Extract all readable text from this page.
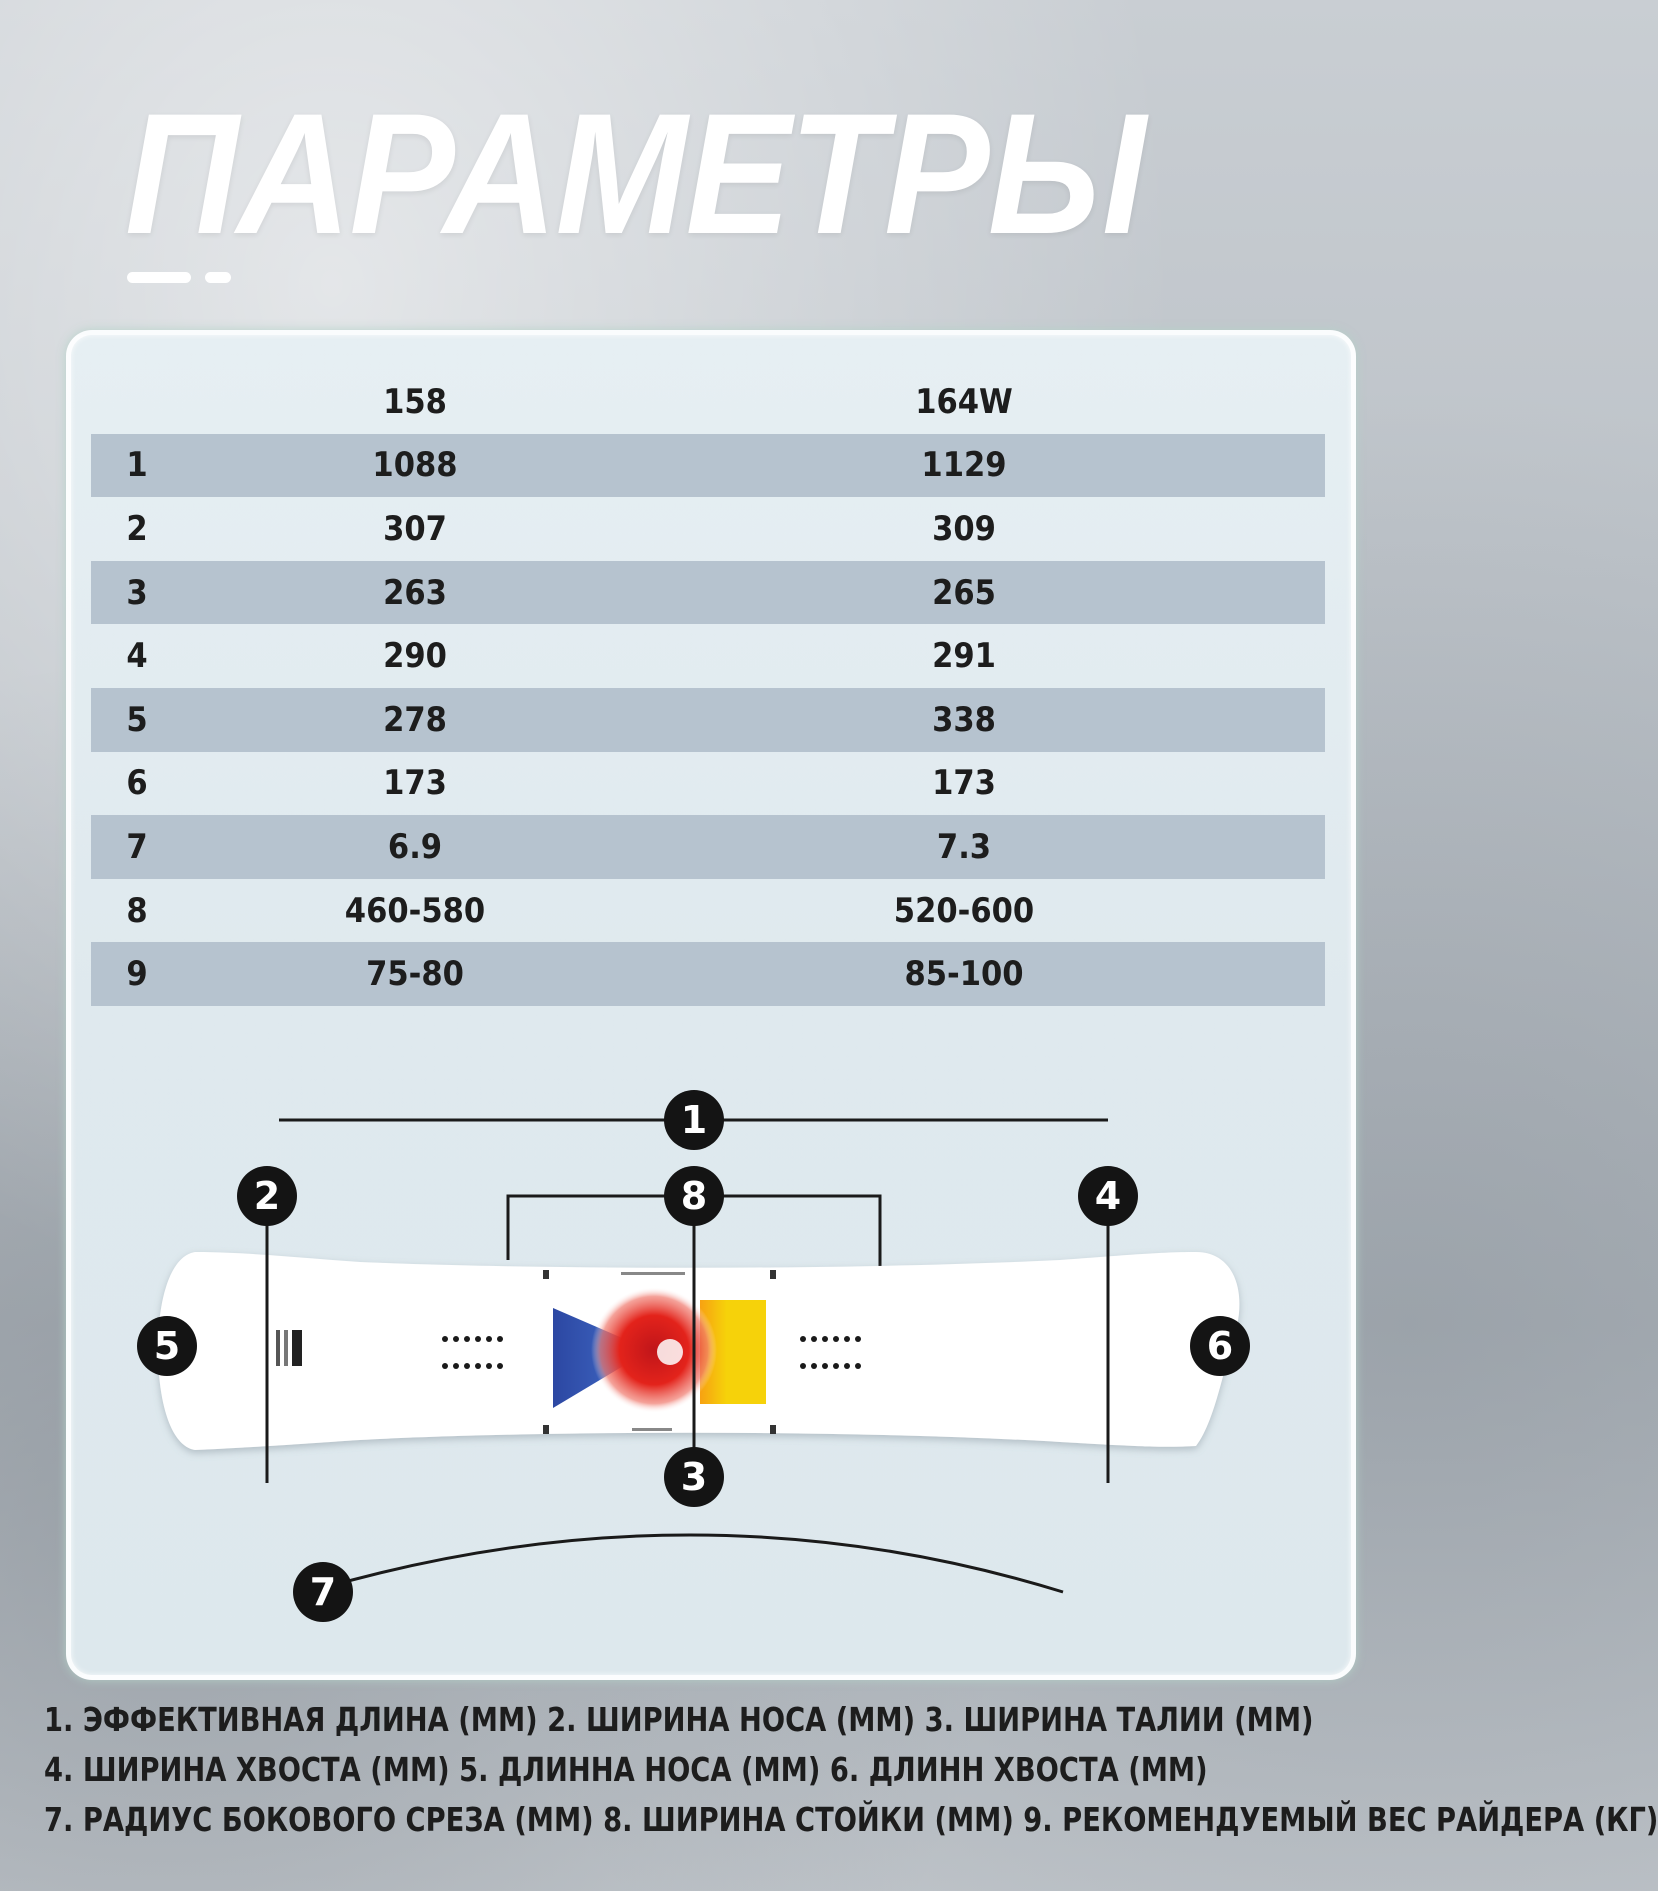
ПАРАМЕТРЫ
	158	164W
1	1088	1129
2	307	309
3	263	265
4	290	291
5	278	338
6	173	173
7	6.9	7.3
8	460-580	520-600
9	75-80	85-100
1
2
3
4
5	6
7
8
1. ЭФФЕКТИВНАЯ ДЛИНА (ММ) 2. ШИРИНА НОСА (ММ) 3. ШИРИНА ТАЛИИ (ММ)
4. ШИРИНА ХВОСТА (ММ) 5. ДЛИННА НОСА (ММ) 6. ДЛИНН ХВОСТА (ММ)
7. РАДИУС БОКОВОГО СРЕЗА (ММ) 8. ШИРИНА СТОЙКИ (ММ) 9. РЕКОМЕНДУЕМЫЙ ВЕС РАЙДЕРА (КГ)
